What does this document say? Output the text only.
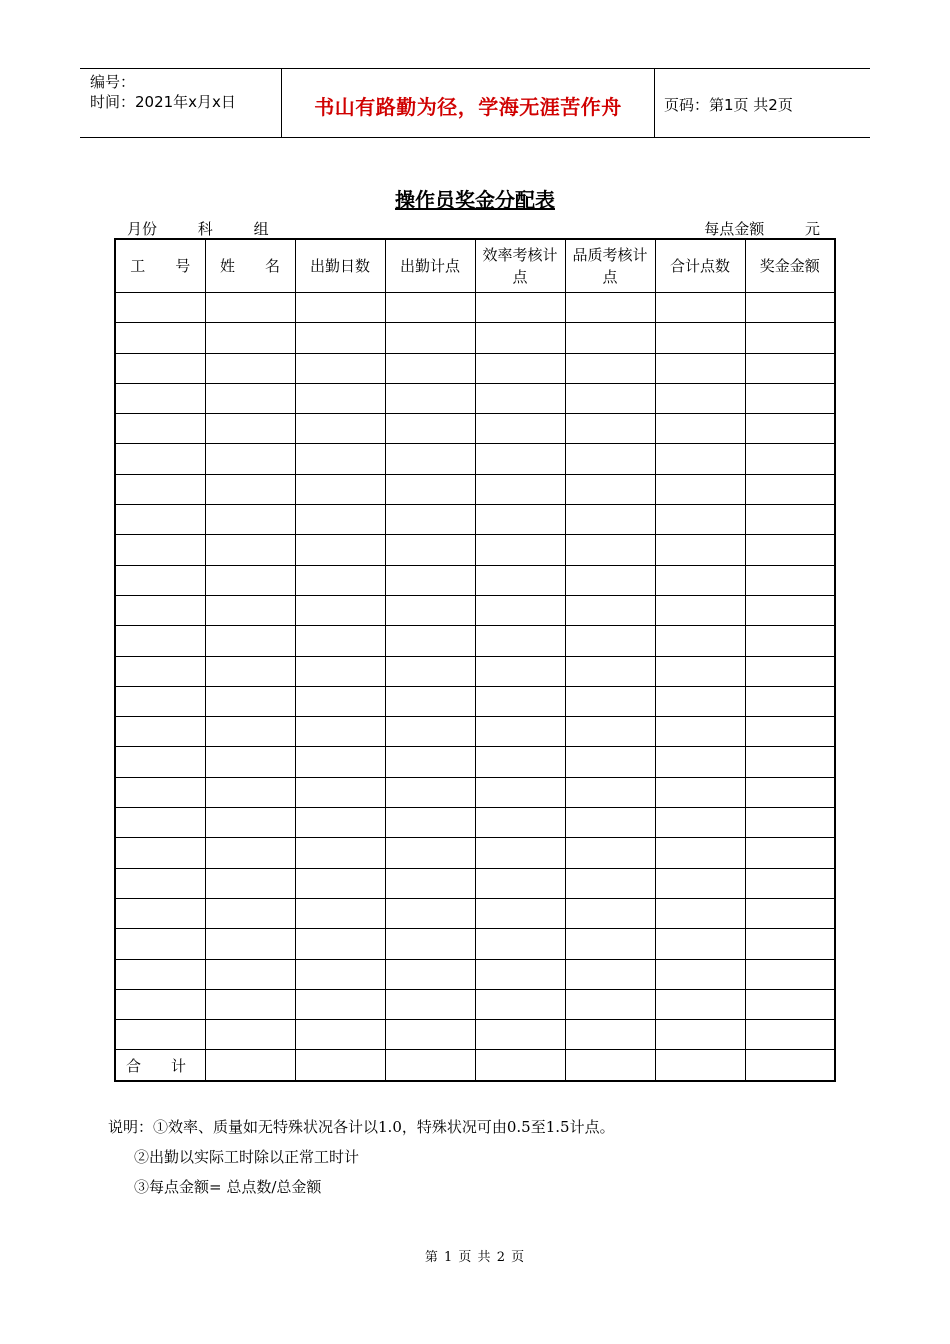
编号：
时间：2021年x月x日	书山有路勤为径，学海无涯苦作舟	页码：第1页 共2页
操作员奖金分配表
月份	科	组	每点金额	元
工　　号	姓　　名	出勤日数	出勤计点	效率考核计点	品质考核计点	合计点数	奖金金额

合　　计							
说明：①效率、质量如无特殊状况各计以1.0，特殊状况可由0.5至1.5计点。
②出勤以实际工时除以正常工时计
③每点金额= 总点数/总金额
第 1 页 共 2 页
